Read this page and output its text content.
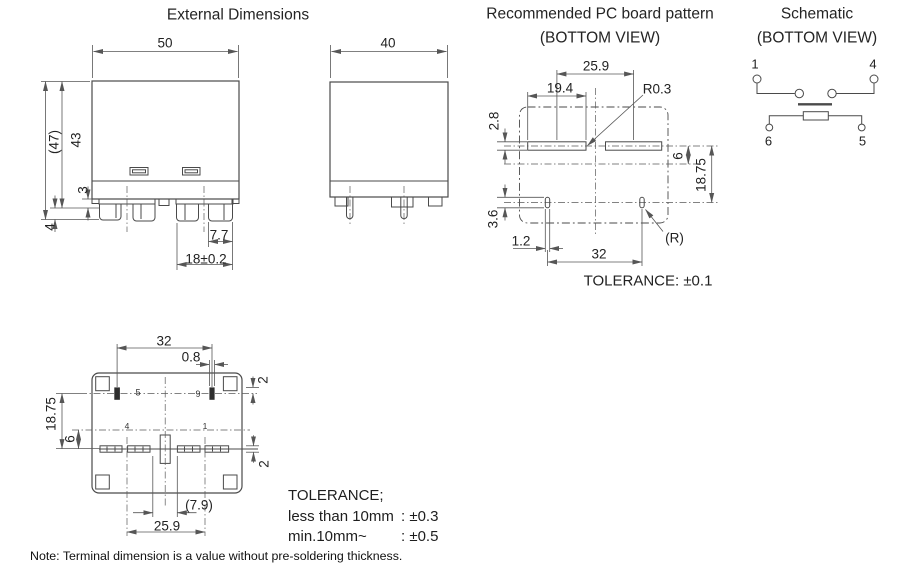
External Dimensions	Recommended PC board pattern
(BOTTOM VIEW)
Schematic
(BOTTOM VIEW)
50
(47) 43
3
4
7.7
18±0.2
40
25.9
19.4	R0.3
2.8
6
18.75
3.6
1.2
32
(R)
TOLERANCE: ±0.1
1	4
6	5
32
0.8
2
18.75
6
2
(7.9)
25.9
5	6
4	1
TOLERANCE;
less than 10mm : ±0.3
min.10mm~	: ±0.5
Note: Terminal dimension is a value without pre-soldering thickness.
